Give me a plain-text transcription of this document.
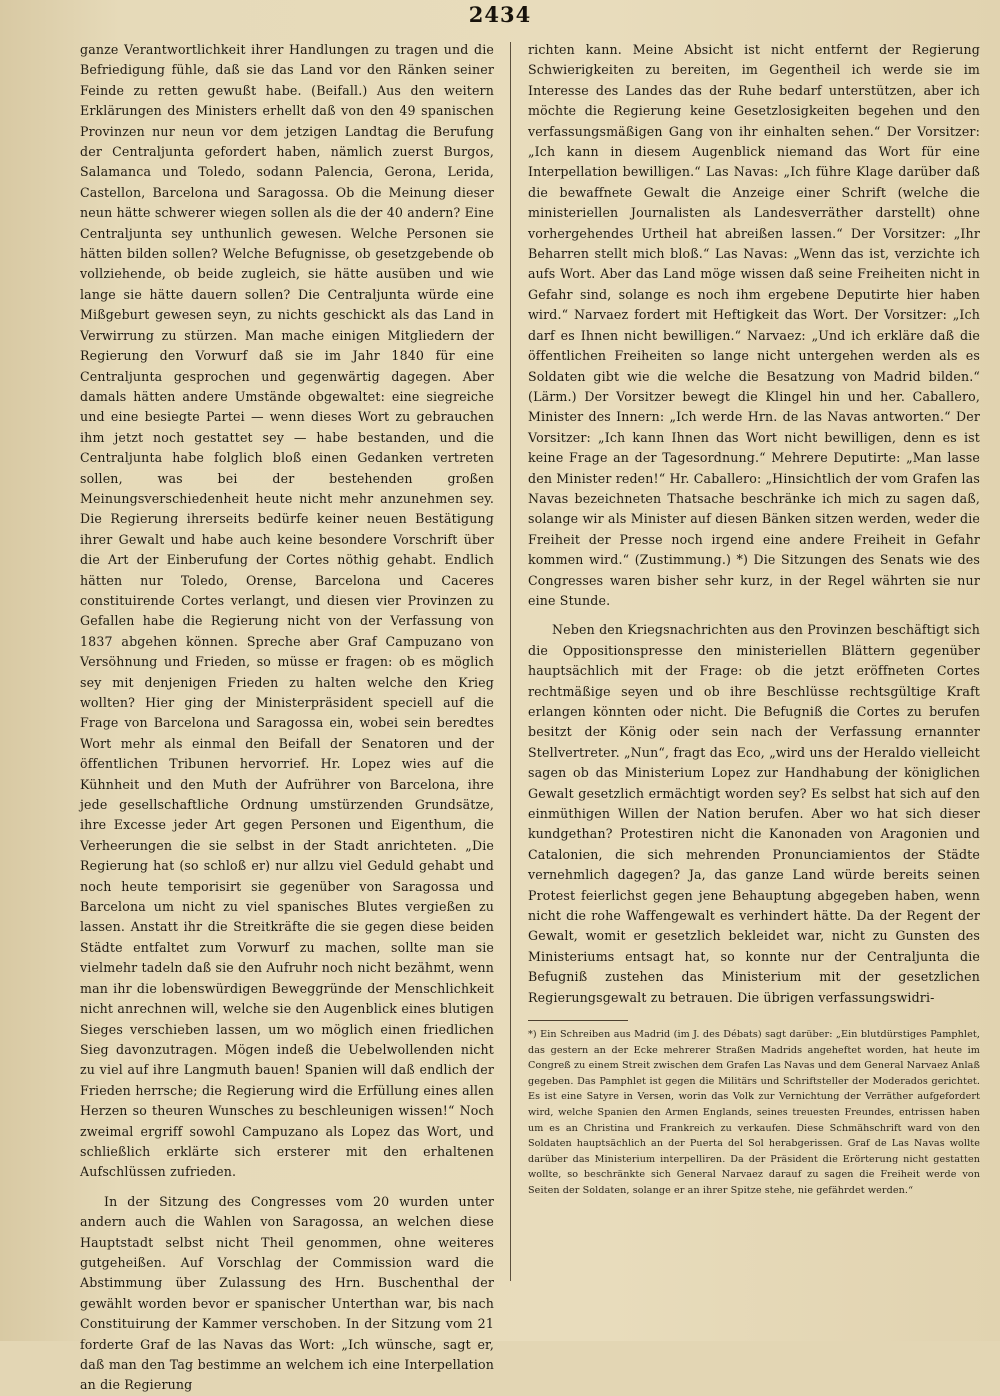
2434

ganze Verantwortlichkeit ihrer Handlungen zu tragen und die Befriedigung fühle, daß sie das Land vor den Ränken seiner Feinde zu retten gewußt habe. (Beifall.) Aus den weitern Erklärungen des Ministers erhellt daß von den 49 spanischen Provinzen nur neun vor dem jetzigen Landtag die Berufung der Centraljunta gefordert haben, nämlich zuerst Burgos, Salamanca und Toledo, sodann Palencia, Gerona, Lerida, Castellon, Barcelona und Saragossa. Ob die Meinung dieser neun hätte schwerer wiegen sollen als die der 40 andern? Eine Centraljunta sey unthunlich gewesen. Welche Personen sie hätten bilden sollen? Welche Befugnisse, ob gesetzgebende ob vollziehende, ob beide zugleich, sie hätte ausüben und wie lange sie hätte dauern sollen? Die Centraljunta würde eine Mißgeburt gewesen seyn, zu nichts geschickt als das Land in Verwirrung zu stürzen. Man mache einigen Mitgliedern der Regierung den Vorwurf daß sie im Jahr 1840 für eine Centraljunta gesprochen und gegenwärtig dagegen. Aber damals hätten andere Umstände obgewaltet: eine siegreiche und eine besiegte Partei — wenn dieses Wort zu gebrauchen ihm jetzt noch gestattet sey — habe bestanden, und die Centraljunta habe folglich bloß einen Gedanken vertreten sollen, was bei der bestehenden großen Meinungsverschiedenheit heute nicht mehr anzunehmen sey. Die Regierung ihrerseits bedürfe keiner neuen Bestätigung ihrer Gewalt und habe auch keine besondere Vorschrift über die Art der Einberufung der Cortes nöthig gehabt. Endlich hätten nur Toledo, Orense, Barcelona und Caceres constituirende Cortes verlangt, und diesen vier Provinzen zu Gefallen habe die Regierung nicht von der Verfassung von 1837 abgehen können. Spreche aber Graf Campuzano von Versöhnung und Frieden, so müsse er fragen: ob es möglich sey mit denjenigen Frieden zu halten welche den Krieg wollten? Hier ging der Ministerpräsident speciell auf die Frage von Barcelona und Saragossa ein, wobei sein beredtes Wort mehr als einmal den Beifall der Senatoren und der öffentlichen Tribunen hervorrief. Hr. Lopez wies auf die Kühnheit und den Muth der Aufrührer von Barcelona, ihre jede gesellschaftliche Ordnung umstürzenden Grundsätze, ihre Excesse jeder Art gegen Personen und Eigenthum, die Verheerungen die sie selbst in der Stadt anrichteten. „Die Regierung hat (so schloß er) nur allzu viel Geduld gehabt und noch heute temporisirt sie gegenüber von Saragossa und Barcelona um nicht zu viel spanisches Blutes vergießen zu lassen. Anstatt ihr die Streitkräfte die sie gegen diese beiden Städte entfaltet zum Vorwurf zu machen, sollte man sie vielmehr tadeln daß sie den Aufruhr noch nicht bezähmt, wenn man ihr die lobenswürdigen Beweggründe der Menschlichkeit nicht anrechnen will, welche sie den Augenblick eines blutigen Sieges verschieben lassen, um wo möglich einen friedlichen Sieg davonzutragen. Mögen indeß die Uebelwollenden nicht zu viel auf ihre Langmuth bauen! Spanien will daß endlich der Frieden herrsche; die Regierung wird die Erfüllung eines allen Herzen so theuren Wunsches zu beschleunigen wissen!“ Noch zweimal ergriff sowohl Campuzano als Lopez das Wort, und schließlich erklärte sich ersterer mit den erhaltenen Aufschlüssen zufrieden.

In der Sitzung des Congresses vom 20 wurden unter andern auch die Wahlen von Saragossa, an welchen diese Hauptstadt selbst nicht Theil genommen, ohne weiteres gutgeheißen. Auf Vorschlag der Commission ward die Abstimmung über Zulassung des Hrn. Buschenthal der gewählt worden bevor er spanischer Unterthan war, bis nach Constituirung der Kammer verschoben. In der Sitzung vom 21 forderte Graf de las Navas das Wort: „Ich wünsche, sagt er, daß man den Tag bestimme an welchem ich eine Interpellation an die Regierung

richten kann. Meine Absicht ist nicht entfernt der Regierung Schwierigkeiten zu bereiten, im Gegentheil ich werde sie im Interesse des Landes das der Ruhe bedarf unterstützen, aber ich möchte die Regierung keine Gesetzlosigkeiten begehen und den verfassungsmäßigen Gang von ihr einhalten sehen.“ Der Vorsitzer: „Ich kann in diesem Augenblick niemand das Wort für eine Interpellation bewilligen.“ Las Navas: „Ich führe Klage darüber daß die bewaffnete Gewalt die Anzeige einer Schrift (welche die ministeriellen Journalisten als Landesverräther darstellt) ohne vorhergehendes Urtheil hat abreißen lassen.“ Der Vorsitzer: „Ihr Beharren stellt mich bloß.“ Las Navas: „Wenn das ist, verzichte ich aufs Wort. Aber das Land möge wissen daß seine Freiheiten nicht in Gefahr sind, solange es noch ihm ergebene Deputirte hier haben wird.“ Narvaez fordert mit Heftigkeit das Wort. Der Vorsitzer: „Ich darf es Ihnen nicht bewilligen.“ Narvaez: „Und ich erkläre daß die öffentlichen Freiheiten so lange nicht untergehen werden als es Soldaten gibt wie die welche die Besatzung von Madrid bilden.“ (Lärm.) Der Vorsitzer bewegt die Klingel hin und her. Caballero, Minister des Innern: „Ich werde Hrn. de las Navas antworten.“ Der Vorsitzer: „Ich kann Ihnen das Wort nicht bewilligen, denn es ist keine Frage an der Tagesordnung.“ Mehrere Deputirte: „Man lasse den Minister reden!“ Hr. Caballero: „Hinsichtlich der vom Grafen las Navas bezeichneten Thatsache beschränke ich mich zu sagen daß, solange wir als Minister auf diesen Bänken sitzen werden, weder die Freiheit der Presse noch irgend eine andere Freiheit in Gefahr kommen wird.“ (Zustimmung.) *) Die Sitzungen des Senats wie des Congresses waren bisher sehr kurz, in der Regel währten sie nur eine Stunde.

Neben den Kriegsnachrichten aus den Provinzen beschäftigt sich die Oppositionspresse den ministeriellen Blättern gegenüber hauptsächlich mit der Frage: ob die jetzt eröffneten Cortes rechtmäßige seyen und ob ihre Beschlüsse rechtsgültige Kraft erlangen könnten oder nicht. Die Befugniß die Cortes zu berufen besitzt der König oder sein nach der Verfassung ernannter Stellvertreter. „Nun“, fragt das Eco, „wird uns der Heraldo vielleicht sagen ob das Ministerium Lopez zur Handhabung der königlichen Gewalt gesetzlich ermächtigt worden sey? Es selbst hat sich auf den einmüthigen Willen der Nation berufen. Aber wo hat sich dieser kundgethan? Protestiren nicht die Kanonaden von Aragonien und Catalonien, die sich mehrenden Pronunciamientos der Städte vernehmlich dagegen? Ja, das ganze Land würde bereits seinen Protest feierlichst gegen jene Behauptung abgegeben haben, wenn nicht die rohe Waffengewalt es verhindert hätte. Da der Regent der Gewalt, womit er gesetzlich bekleidet war, nicht zu Gunsten des Ministeriums entsagt hat, so konnte nur der Centraljunta die Befugniß zustehen das Ministerium mit der gesetzlichen Regierungsgewalt zu betrauen. Die übrigen verfassungswidri-

*) Ein Schreiben aus Madrid (im J. des Débats) sagt darüber: „Ein blutdürstiges Pamphlet, das gestern an der Ecke mehrerer Straßen Madrids angeheftet worden, hat heute im Congreß zu einem Streit zwischen dem Grafen Las Navas und dem General Narvaez Anlaß gegeben. Das Pamphlet ist gegen die Militärs und Schriftsteller der Moderados gerichtet. Es ist eine Satyre in Versen, worin das Volk zur Vernichtung der Verräther aufgefordert wird, welche Spanien den Armen Englands, seines treuesten Freundes, entrissen haben um es an Christina und Frankreich zu verkaufen. Diese Schmähschrift ward von den Soldaten hauptsächlich an der Puerta del Sol herabgerissen. Graf de Las Navas wollte darüber das Ministerium interpelliren. Da der Präsident die Erörterung nicht gestatten wollte, so beschränkte sich General Narvaez darauf zu sagen die Freiheit werde von Seiten der Soldaten, solange er an ihrer Spitze stehe, nie gefährdet werden.“
